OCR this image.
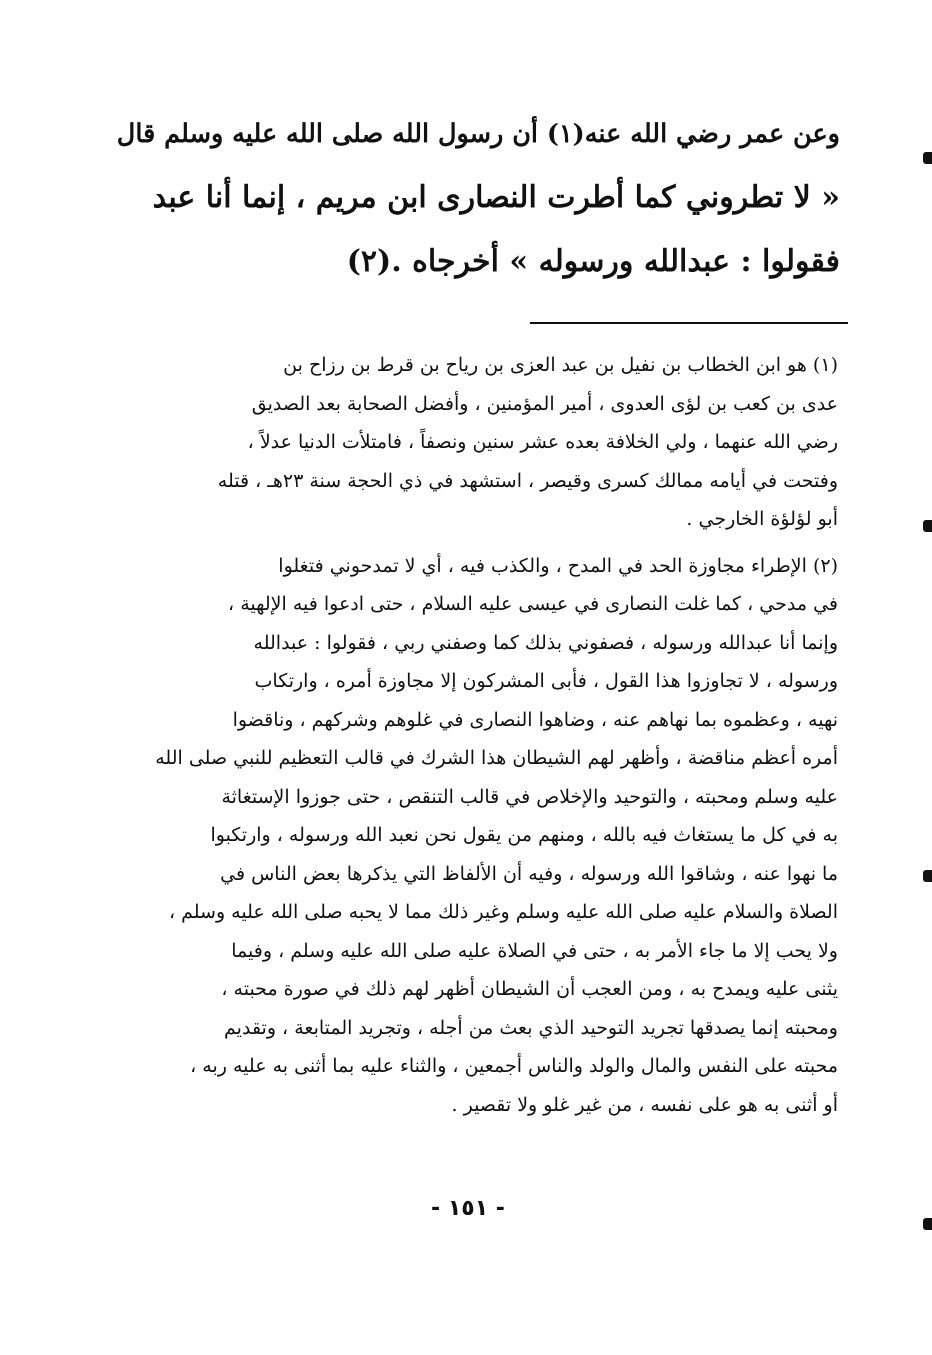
وعن عمر رضي الله عنه(١) أن رسول الله صلى الله عليه وسلم قال
« لا تطروني كما أطرت النصارى ابن مريم ، إنما أنا عبد
فقولوا : عبدالله ورسوله » أخرجاه .(٢)
(١) هو ابن الخطاب بن نفيل بن عبد العزى بن رياح بن قرط بن رزاح بن
عدى بن كعب بن لؤى العدوى ، أمير المؤمنين ، وأفضل الصحابة بعد الصديق
رضي الله عنهما ، ولي الخلافة بعده عشر سنين ونصفاً ، فامتلأت الدنيا عدلاً ،
وفتحت في أيامه ممالك كسرى وقيصر ، استشهد في ذي الحجة سنة ٢٣هـ ، قتله
أبو لؤلؤة الخارجي .
(٢) الإطراء مجاوزة الحد في المدح ، والكذب فيه ، أي لا تمدحوني فتغلوا
في مدحي ، كما غلت النصارى في عيسى عليه السلام ، حتى ادعوا فيه الإلهية ،
وإنما أنا عبدالله ورسوله ، فصفوني بذلك كما وصفني ربي ، فقولوا : عبدالله
ورسوله ، لا تجاوزوا هذا القول ، فأبى المشركون إلا مجاوزة أمره ، وارتكاب
نهيه ، وعظموه بما نهاهم عنه ، وضاهوا النصارى في غلوهم وشركهم ، وناقضوا
أمره أعظم مناقضة ، وأظهر لهم الشيطان هذا الشرك في قالب التعظيم للنبي صلى الله
عليه وسلم ومحبته ، والتوحيد والإخلاص في قالب التنقص ، حتى جوزوا الإستغاثة
به في كل ما يستغاث فيه بالله ، ومنهم من يقول نحن نعبد الله ورسوله ، وارتكبوا
ما نهوا عنه ، وشاقوا الله ورسوله ، وفيه أن الألفاظ التي يذكرها بعض الناس في
الصلاة والسلام عليه صلى الله عليه وسلم وغير ذلك مما لا يحبه صلى الله عليه وسلم ،
ولا يحب إلا ما جاء الأمر به ، حتى في الصلاة عليه صلى الله عليه وسلم ، وفيما
يثنى عليه ويمدح به ، ومن العجب أن الشيطان أظهر لهم ذلك في صورة محبته ،
ومحبته إنما يصدقها تجريد التوحيد الذي بعث من أجله ، وتجريد المتابعة ، وتقديم
محبته على النفس والمال والولد والناس أجمعين ، والثناء عليه بما أثنى به عليه ربه ،
أو أثنى به هو على نفسه ، من غير غلو ولا تقصير .
- ١٥١ -
